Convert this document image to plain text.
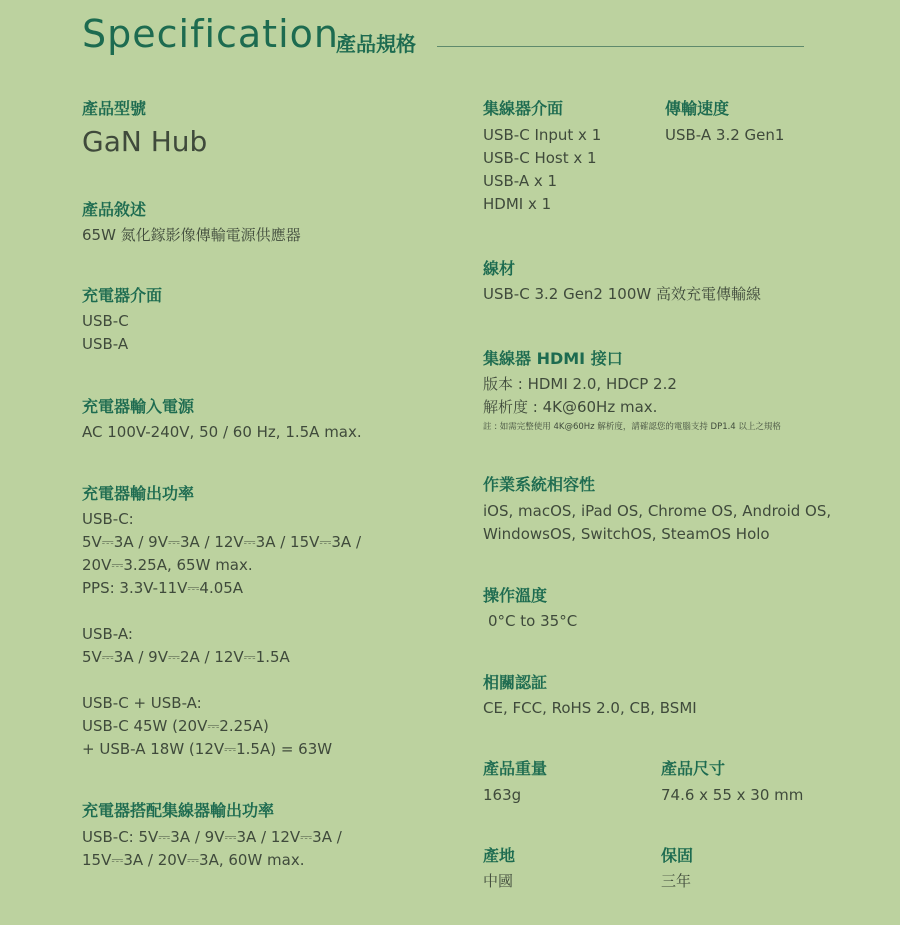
Specification
產品規格
產品型號
GaN Hub
產品敘述
65W 氮化鎵影像傳輸電源供應器
充電器介面
USB-C
USB-A
充電器輸入電源
AC 100V-240V, 50 / 60 Hz, 1.5A max.
充電器輸出功率
USB-C:
5V⎓3A / 9V⎓3A / 12V⎓3A / 15V⎓3A /
20V⎓3.25A, 65W max.
PPS: 3.3V-11V⎓4.05A
USB-A:
5V⎓3A / 9V⎓2A / 12V⎓1.5A
USB-C + USB-A:
USB-C 45W (20V⎓2.25A)
+ USB-A 18W (12V⎓1.5A) = 63W
充電器搭配集線器輸出功率
USB-C: 5V⎓3A / 9V⎓3A / 12V⎓3A /
15V⎓3A / 20V⎓3A, 60W max.
集線器介面
USB-C Input x 1
USB-C Host x 1
USB-A x 1
HDMI x 1
傳輸速度
USB-A 3.2 Gen1
線材
USB-C 3.2 Gen2 100W 高效充電傳輸線
集線器 HDMI 接口
版本 : HDMI 2.0, HDCP 2.2
解析度 : 4K@60Hz max.
註 : 如需完整使用 4K@60Hz 解析度，請確認您的電腦支持 DP1.4 以上之規格
作業系統相容性
iOS, macOS, iPad OS, Chrome OS, Android OS,
WindowsOS, SwitchOS, SteamOS Holo
操作溫度
0°C to 35°C
相關認証
CE, FCC, RoHS 2.0, CB, BSMI
產品重量
163g
產品尺寸
74.6 x 55 x 30 mm
產地
中國
保固
三年
